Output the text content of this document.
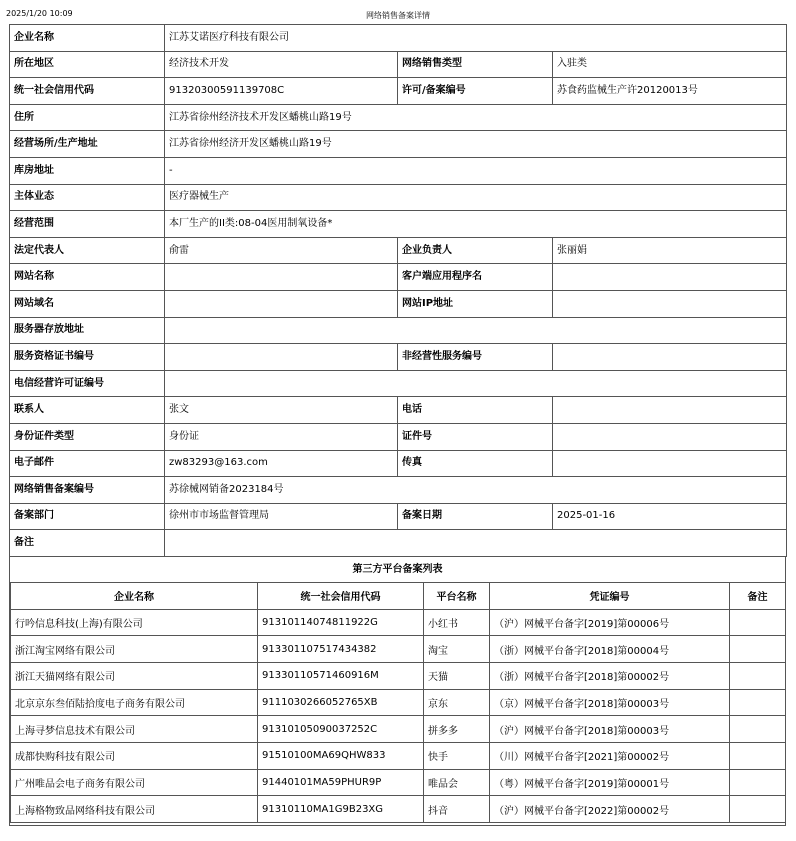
2025/1/20 10:09	网络销售备案详情
企业名称	江苏艾诺医疗科技有限公司		
所在地区	经济技术开发	网络销售类型	入驻类
统一社会信用代码	91320300591139708C	许可/备案编号	苏食药监械生产许20120013号
住所	江苏省徐州经济技术开发区蟠桃山路19号		
经营场所/生产地址	江苏省徐州经济开发区蟠桃山路19号		
库房地址	-		
主体业态	医疗器械生产		
经营范围	本厂生产的II类:08-04医用制氧设备*		
法定代表人	俞雷	企业负责人	张丽娟
网站名称		客户端应用程序名	
网站域名		网站IP地址	
服务器存放地址			
服务资格证书编号		非经营性服务编号	
电信经营许可证编号			
联系人	张文	电话	
身份证件类型	身份证	证件号	
电子邮件	zw83293@163.com	传真	
网络销售备案编号	苏徐械网销备2023184号		
备案部门	徐州市市场监督管理局	备案日期	2025-01-16
备注			
第三方平台备案列表
企业名称	统一社会信用代码	平台名称	凭证编号	备注
行吟信息科技(上海)有限公司	91310114074811922G	小红书	（沪）网械平台备字[2019]第00006号	
浙江淘宝网络有限公司	913301107517434382	淘宝	（浙）网械平台备字[2018]第00004号	
浙江天猫网络有限公司	9133011057146091​6M	天猫	（浙）网械平台备字[2018]第00002号	
北京京东叁佰陆拾度电子商务有限公司	911103026605276​5XB	京东	（京）网械平台备字[2018]第00003号	
上海寻梦信息技术有限公司	9131010509003​7252C	拼多多	（沪）网械平台备字[2018]第00003号	
成都快购科技有限公司	91510100MA69QHW833	快手	（川）网械平台备字[2021]第00002号	
广州唯品会电子商务有限公司	91440101MA59PHUR9P	唯品会	（粤）网械平台备字[2019]第00001号	
上海格物致品网络科技有限公司	91310110MA1G9B23XG	抖音	（沪）网械平台备字[2022]第00002号	
